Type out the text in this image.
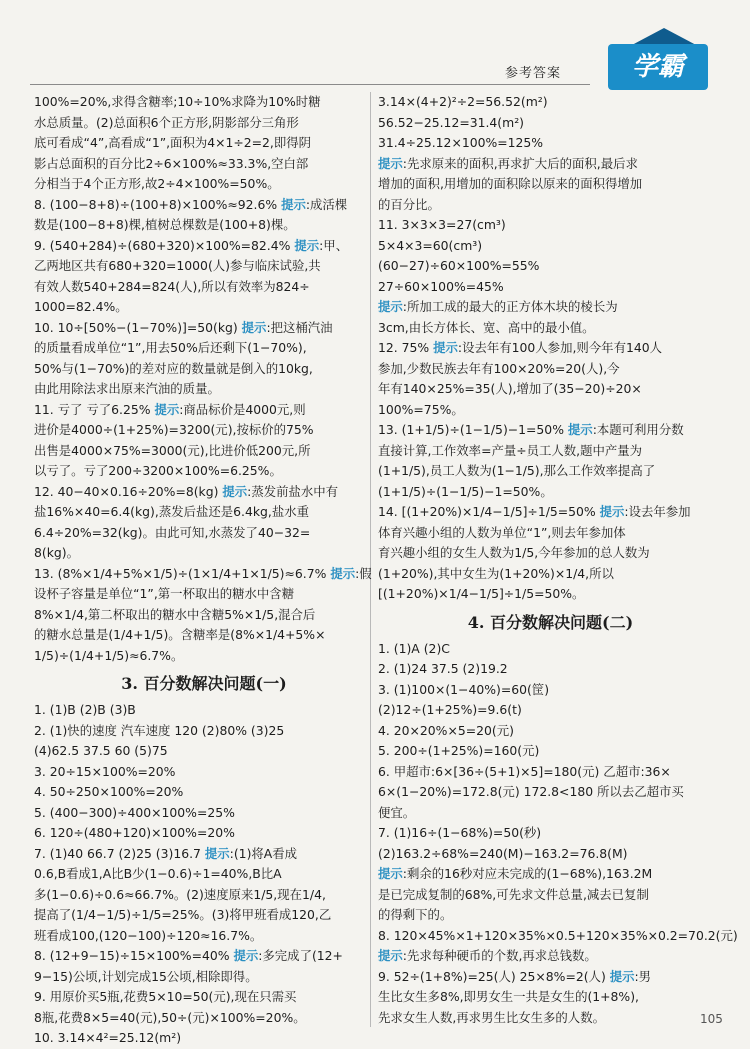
学霸
参考答案
100%=20%,求得含糖率;10÷10%求降为10%时糖
水总质量。(2)总面积6个正方形,阴影部分三角形
底可看成“4”,高看成“1”,面积为4×1÷2=2,即得阴
影占总面积的百分比2÷6×100%≈33.3%,空白部
分相当于4个正方形,故2÷4×100%=50%。
8. (100−8+8)÷(100+8)×100%≈92.6% 提示:成活棵
数是(100−8+8)棵,植树总棵数是(100+8)棵。
9. (540+284)÷(680+320)×100%=82.4% 提示:甲、
乙两地区共有680+320=1000(人)参与临床试验,共
有效人数540+284=824(人),所以有效率为824÷
1000=82.4%。
10. 10÷[50%−(1−70%)]=50(kg) 提示:把这桶汽油
的质量看成单位“1”,用去50%后还剩下(1−70%),
50%与(1−70%)的差对应的数量就是倒入的10kg,
由此用除法求出原来汽油的质量。
11. 亏了 亏了6.25% 提示:商品标价是4000元,则
进价是4000÷(1+25%)=3200(元),按标价的75%
出售是4000×75%=3000(元),比进价低200元,所
以亏了。亏了200÷3200×100%=6.25%。
12. 40−40×0.16÷20%=8(kg) 提示:蒸发前盐水中有
盐16%×40=6.4(kg),蒸发后盐还是6.4kg,盐水重
6.4÷20%=32(kg)。由此可知,水蒸发了40−32=
8(kg)。
13. (8%×1/4+5%×1/5)÷(1×1/4+1×1/5)≈6.7% 提示:假
设杯子容量是单位“1”,第一杯取出的糖水中含糖
8%×1/4,第二杯取出的糖水中含糖5%×1/5,混合后
的糖水总量是(1/4+1/5)。含糖率是(8%×1/4+5%×
1/5)÷(1/4+1/5)≈6.7%。
3. 百分数解决问题(一)
1. (1)B (2)B (3)B
2. (1)快的速度 汽车速度 120 (2)80% (3)25
(4)62.5 37.5 60 (5)75
3. 20÷15×100%=20%
4. 50÷250×100%=20%
5. (400−300)÷400×100%=25%
6. 120÷(480+120)×100%=20%
7. (1)40 66.7 (2)25 (3)16.7 提示:(1)将A看成
0.6,B看成1,A比B少(1−0.6)÷1=40%,B比A
多(1−0.6)÷0.6≈66.7%。(2)速度原来1/5,现在1/4,
提高了(1/4−1/5)÷1/5=25%。(3)将甲班看成120,乙
班看成100,(120−100)÷120≈16.7%。
8. (12+9−15)÷15×100%=40% 提示:多完成了(12+
9−15)公顷,计划完成15公顷,相除即得。
9. 用原价买5瓶,花费5×10=50(元),现在只需买
8瓶,花费8×5=40(元),50÷(元)×100%=20%。
10. 3.14×4²=25.12(m²)
3.14×(4+2)²÷2=56.52(m²)
56.52−25.12=31.4(m²)
31.4÷25.12×100%=125%
提示:先求原来的面积,再求扩大后的面积,最后求
增加的面积,用增加的面积除以原来的面积得增加
的百分比。
11. 3×3×3=27(cm³)
5×4×3=60(cm³)
(60−27)÷60×100%=55%
27÷60×100%=45%
提示:所加工成的最大的正方体木块的棱长为
3cm,由长方体长、宽、高中的最小值。
12. 75% 提示:设去年有100人参加,则今年有140人
参加,少数民族去年有100×20%=20(人),今
年有140×25%=35(人),增加了(35−20)÷20×
100%=75%。
13. (1+1/5)÷(1−1/5)−1=50% 提示:本题可利用分数
直接计算,工作效率=产量÷员工人数,题中产量为
(1+1/5),员工人数为(1−1/5),那么工作效率提高了
(1+1/5)÷(1−1/5)−1=50%。
14. [(1+20%)×1/4−1/5]÷1/5=50% 提示:设去年参加
体育兴趣小组的人数为单位“1”,则去年参加体
育兴趣小组的女生人数为1/5,今年参加的总人数为
(1+20%),其中女生为(1+20%)×1/4,所以
[(1+20%)×1/4−1/5]÷1/5=50%。
4. 百分数解决问题(二)
1. (1)A (2)C
2. (1)24 37.5 (2)19.2
3. (1)100×(1−40%)=60(筐)
(2)12÷(1+25%)=9.6(t)
4. 20×20%×5=20(元)
5. 200÷(1+25%)=160(元)
6. 甲超市:6×[36÷(5+1)×5]=180(元) 乙超市:36×
6×(1−20%)=172.8(元) 172.8<180 所以去乙超市买
便宜。
7. (1)16÷(1−68%)=50(秒)
(2)163.2÷68%=240(M)−163.2=76.8(M)
提示:剩余的16秒对应未完成的(1−68%),163.2M
是已完成复制的68%,可先求文件总量,减去已复制
的得剩下的。
8. 120×45%×1+120×35%×0.5+120×35%×0.2=70.2(元)
提示:先求每种硬币的个数,再求总钱数。
9. 52÷(1+8%)=25(人) 25×8%=2(人) 提示:男
生比女生多8%,即男女生一共是女生的(1+8%),
先求女生人数,再求男生比女生多的人数。	105
